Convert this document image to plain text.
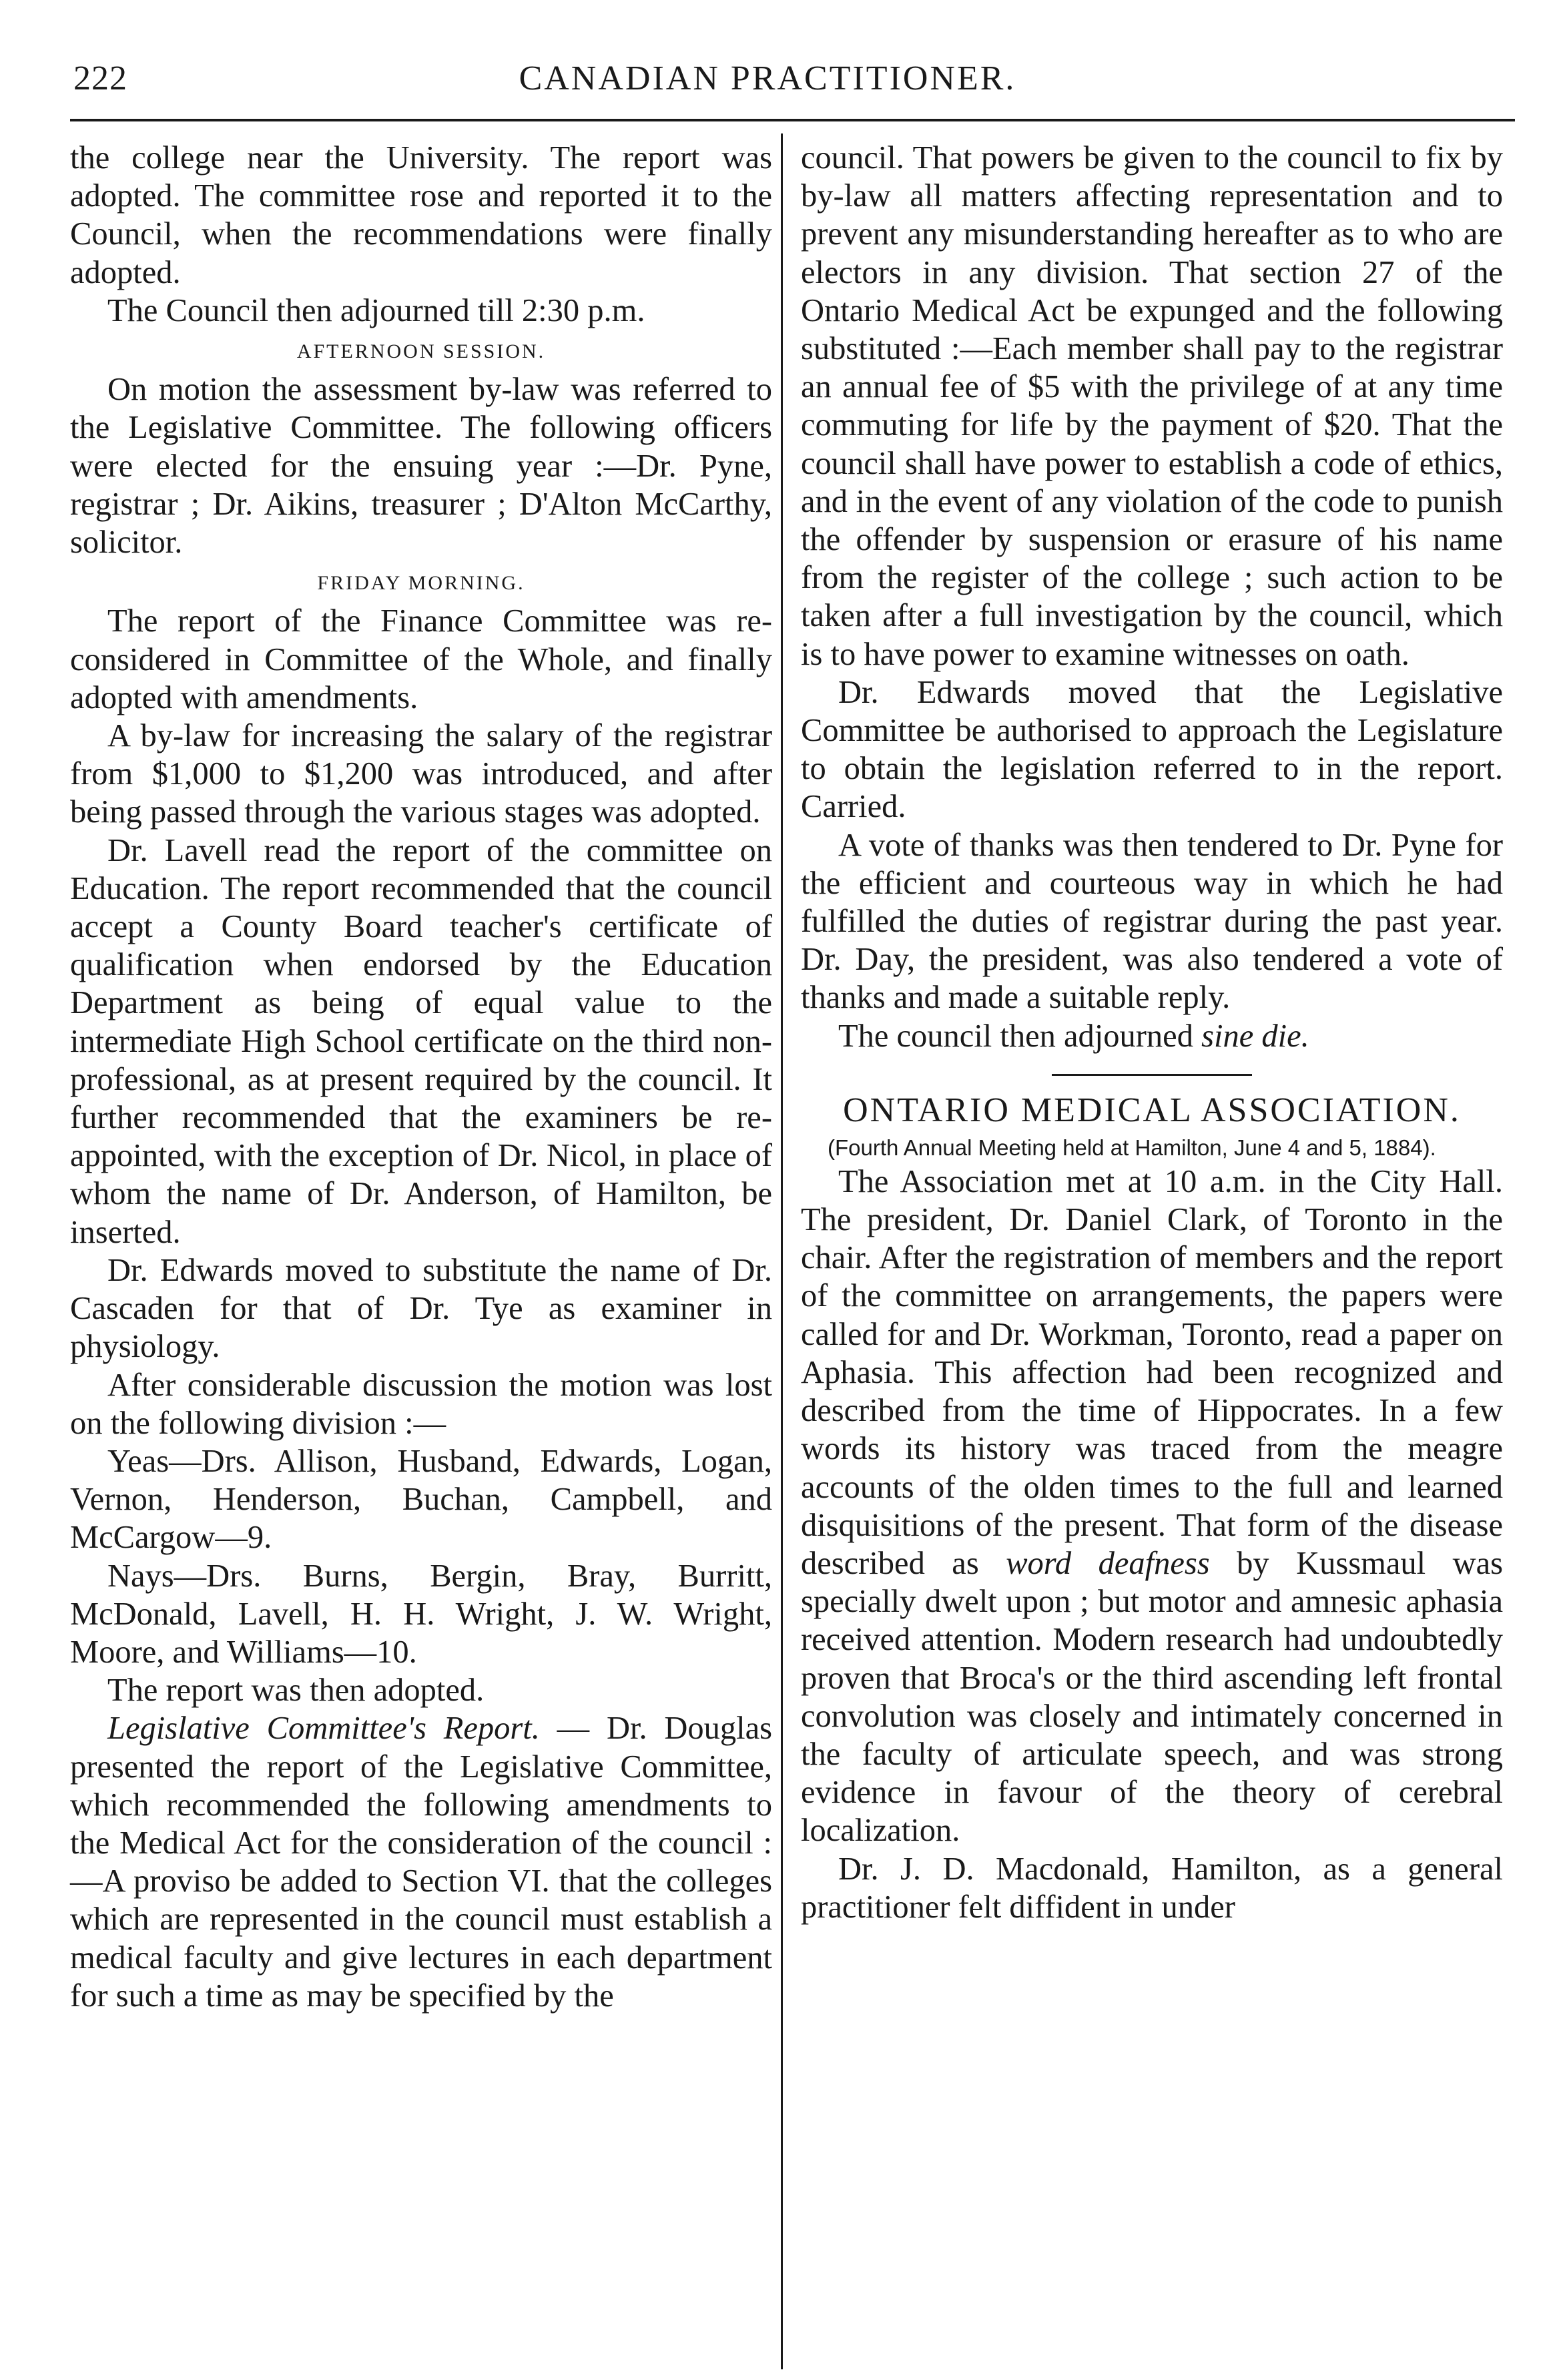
222	CANADIAN PRACTITIONER.

the college near the University. The report was adopted. The committee rose and reported it to the Council, when the recommendations were finally adopted.

The Council then adjourned till 2:30 p.m.

AFTERNOON SESSION.

On motion the assessment by-law was referred to the Legislative Committee. The following officers were elected for the ensuing year :—Dr. Pyne, registrar ; Dr. Aikins, treasurer ; D'Alton McCarthy, solicitor.

FRIDAY MORNING.

The report of the Finance Committee was re-considered in Committee of the Whole, and finally adopted with amendments.

A by-law for increasing the salary of the registrar from $1,000 to $1,200 was introduced, and after being passed through the various stages was adopted.

Dr. Lavell read the report of the committee on Education. The report recommended that the council accept a County Board teacher's certificate of qualification when endorsed by the Education Department as being of equal value to the intermediate High School certificate on the third non-professional, as at present required by the council. It further recommended that the examiners be re-appointed, with the exception of Dr. Nicol, in place of whom the name of Dr. Anderson, of Hamilton, be inserted.

Dr. Edwards moved to substitute the name of Dr. Cascaden for that of Dr. Tye as examiner in physiology.

After considerable discussion the motion was lost on the following division :—

Yeas—Drs. Allison, Husband, Edwards, Logan, Vernon, Henderson, Buchan, Campbell, and McCargow—9.

Nays—Drs. Burns, Bergin, Bray, Burritt, McDonald, Lavell, H. H. Wright, J. W. Wright, Moore, and Williams—10.

The report was then adopted.

Legislative Committee's Report. — Dr. Douglas presented the report of the Legislative Committee, which recommended the following amendments to the Medical Act for the consideration of the council :—A proviso be added to Section VI. that the colleges which are represented in the council must establish a medical faculty and give lectures in each department for such a time as may be specified by the

council. That powers be given to the council to fix by by-law all matters affecting representation and to prevent any misunderstanding hereafter as to who are electors in any division. That section 27 of the Ontario Medical Act be expunged and the following substituted :—Each member shall pay to the registrar an annual fee of $5 with the privilege of at any time commuting for life by the payment of $20. That the council shall have power to establish a code of ethics, and in the event of any violation of the code to punish the offender by suspension or erasure of his name from the register of the college ; such action to be taken after a full investigation by the council, which is to have power to examine witnesses on oath.

Dr. Edwards moved that the Legislative Committee be authorised to approach the Legislature to obtain the legislation referred to in the report. Carried.

A vote of thanks was then tendered to Dr. Pyne for the efficient and courteous way in which he had fulfilled the duties of registrar during the past year. Dr. Day, the president, was also tendered a vote of thanks and made a suitable reply.

The council then adjourned sine die.

ONTARIO MEDICAL ASSOCIATION.

(Fourth Annual Meeting held at Hamilton, June 4 and 5, 1884).

The Association met at 10 a.m. in the City Hall. The president, Dr. Daniel Clark, of Toronto in the chair. After the registration of members and the report of the committee on arrangements, the papers were called for and Dr. Workman, Toronto, read a paper on Aphasia. This affection had been recognized and described from the time of Hippocrates. In a few words its history was traced from the meagre accounts of the olden times to the full and learned disquisitions of the present. That form of the disease described as word deafness by Kussmaul was specially dwelt upon ; but motor and amnesic aphasia received attention. Modern research had undoubtedly proven that Broca's or the third ascending left frontal convolution was closely and intimately concerned in the faculty of articulate speech, and was strong evidence in favour of the theory of cerebral localization.

Dr. J. D. Macdonald, Hamilton, as a general practitioner felt diffident in under
